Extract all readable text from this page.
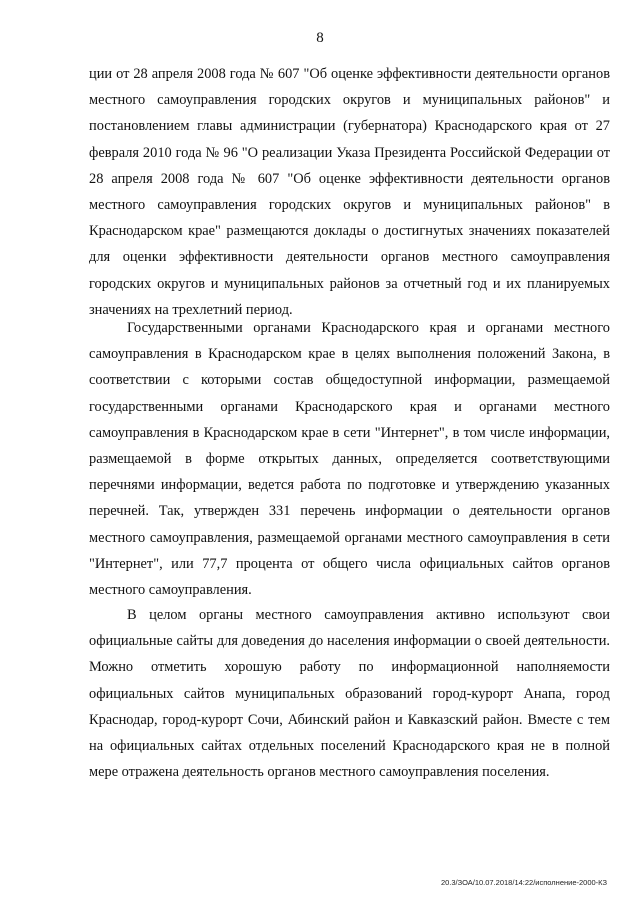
8

ции от 28 апреля 2008 года № 607 "Об оценке эффективности деятельности органов местного самоуправления городских округов и муниципальных районов" и постановлением главы администрации (губернатора) Краснодарского края от 27 февраля 2010 года № 96 "О реализации Указа Президента Российской Федерации от 28 апреля 2008 года № 607 "Об оценке эффективности деятельности органов местного самоуправления городских округов и муниципальных районов" в Краснодарском крае" размещаются доклады о достигнутых значениях показателей для оценки эффективности деятельности органов местного самоуправления городских округов и муниципальных районов за отчетный год и их планируемых значениях на трехлетний период.

Государственными органами Краснодарского края и органами местного самоуправления в Краснодарском крае в целях выполнения положений Закона, в соответствии с которыми состав общедоступной информации, размещаемой государственными органами Краснодарского края и органами местного самоуправления в Краснодарском крае в сети "Интернет", в том числе информации, размещаемой в форме открытых данных, определяется соответствующими перечнями информации, ведется работа по подготовке и утверждению указанных перечней. Так, утвержден 331 перечень информации о деятельности органов местного самоуправления, размещаемой органами местного самоуправления в сети "Интернет", или 77,7 процента от общего числа официальных сайтов органов местного самоуправления.

В целом органы местного самоуправления активно используют свои официальные сайты для доведения до населения информации о своей деятельности. Можно отметить хорошую работу по информационной наполняемости официальных сайтов муниципальных образований город-курорт Анапа, город Краснодар, город-курорт Сочи, Абинский район и Кавказский район. Вместе с тем на официальных сайтах отдельных поселений Краснодарского края не в полной мере отражена деятельность органов местного самоуправления поселения.

20.3/ЗОА/10.07.2018/14:22/исполнение-2000-КЗ
